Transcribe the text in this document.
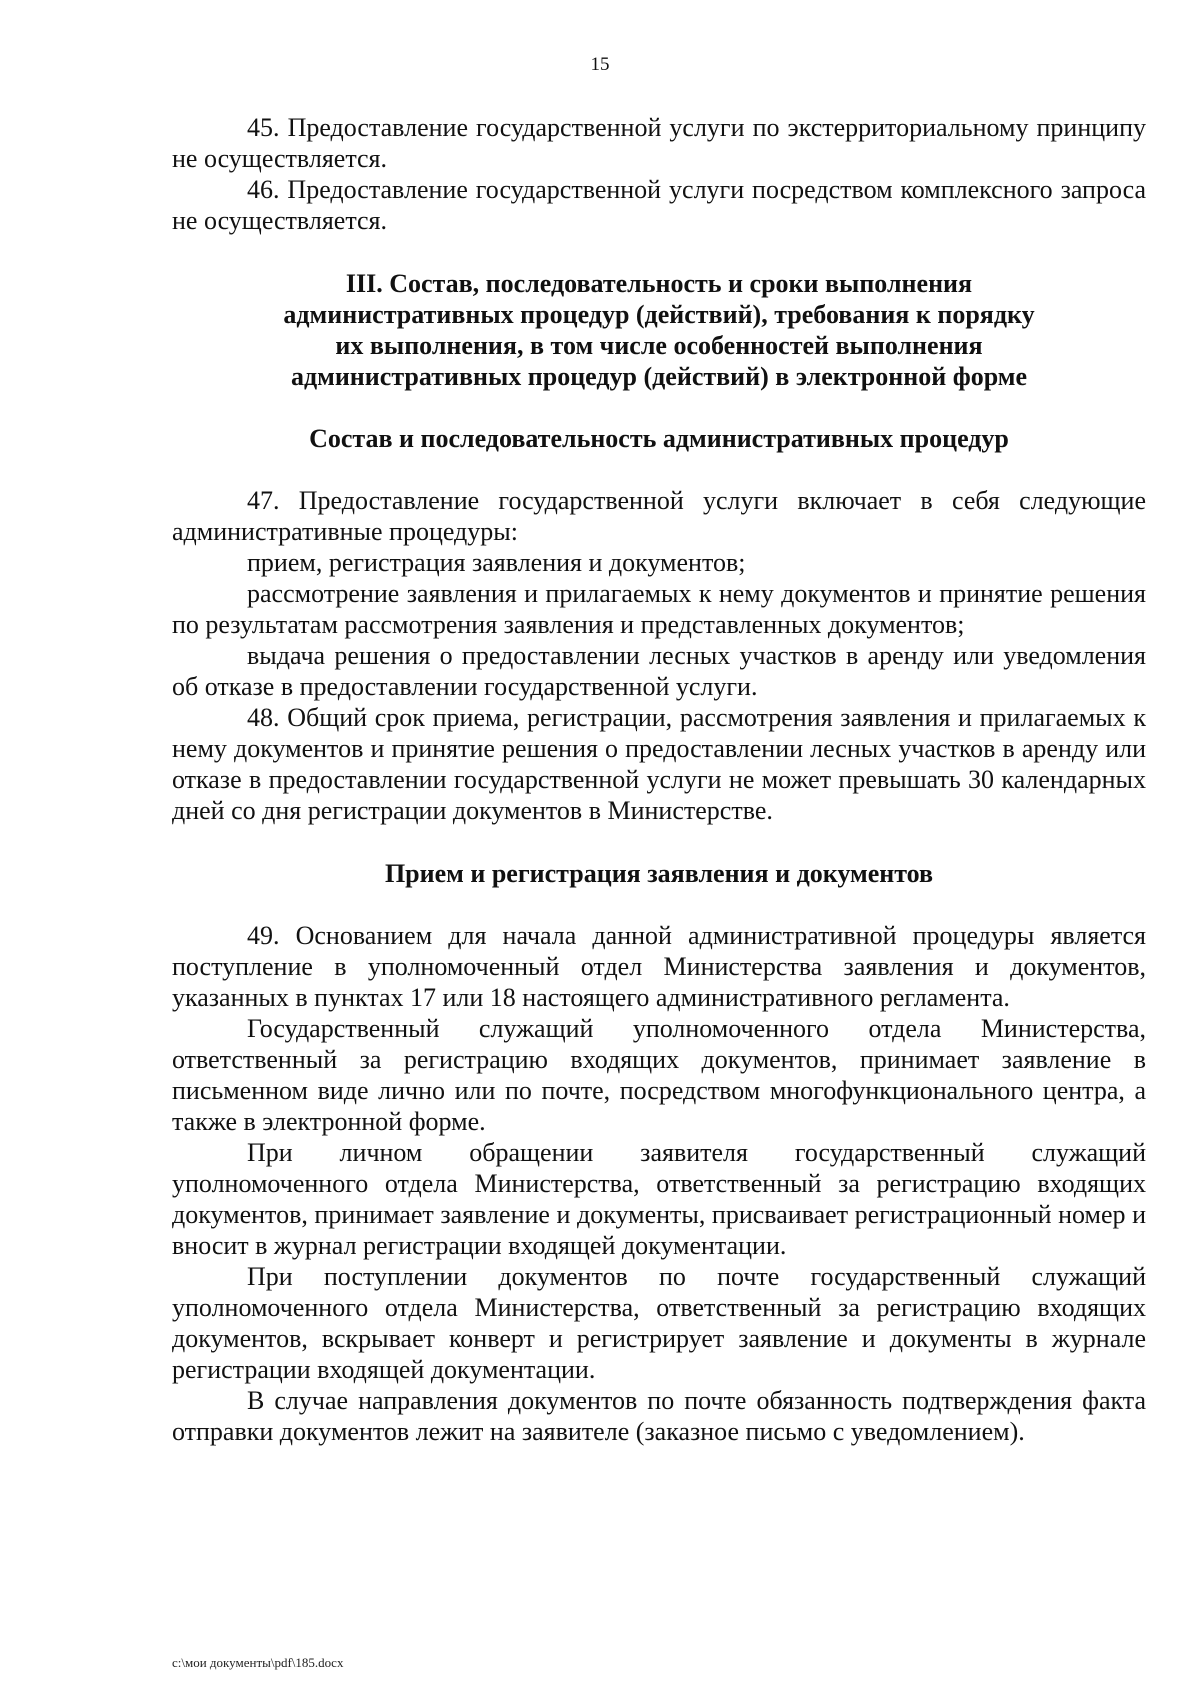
15

45. Предоставление государственной услуги по экстерриториальному принципу не осуществляется.

46. Предоставление государственной услуги посредством комплексного запроса не осуществляется.

III. Состав, последовательность и сроки выполнения
административных процедур (действий), требования к порядку
их выполнения, в том числе особенностей выполнения
административных процедур (действий) в электронной форме
Состав и последовательность административных процедур

47. Предоставление государственной услуги включает в себя следующие административные процедуры:

прием, регистрация заявления и документов;

рассмотрение заявления и прилагаемых к нему документов и принятие решения по результатам рассмотрения заявления и представленных документов;

выдача решения о предоставлении лесных участков в аренду или уведомления об отказе в предоставлении государственной услуги.

48. Общий срок приема, регистрации, рассмотрения заявления и прилагаемых к нему документов и принятие решения о предоставлении лесных участков в аренду или отказе в предоставлении государственной услуги не может превышать 30 календарных дней со дня регистрации документов в Министерстве.

Прием и регистрация заявления и документов

49. Основанием для начала данной административной процедуры является поступление в уполномоченный отдел Министерства заявления и документов, указанных в пунктах 17 или 18 настоящего административного регламента.

Государственный служащий уполномоченного отдела Министерства, ответственный за регистрацию входящих документов, принимает заявление в письменном виде лично или по почте, посредством многофункционального центра, а также в электронной форме.

При личном обращении заявителя государственный служащий уполномоченного отдела Министерства, ответственный за регистрацию входящих документов, принимает заявление и документы, присваивает регистрационный номер и вносит в журнал регистрации входящей документации.

При поступлении документов по почте государственный служащий уполномоченного отдела Министерства, ответственный за регистрацию входящих документов, вскрывает конверт и регистрирует заявление и документы в журнале регистрации входящей документации.

В случае направления документов по почте обязанность подтверждения факта отправки документов лежит на заявителе (заказное письмо с уведомлением).

c:\мои документы\pdf\185.docx
